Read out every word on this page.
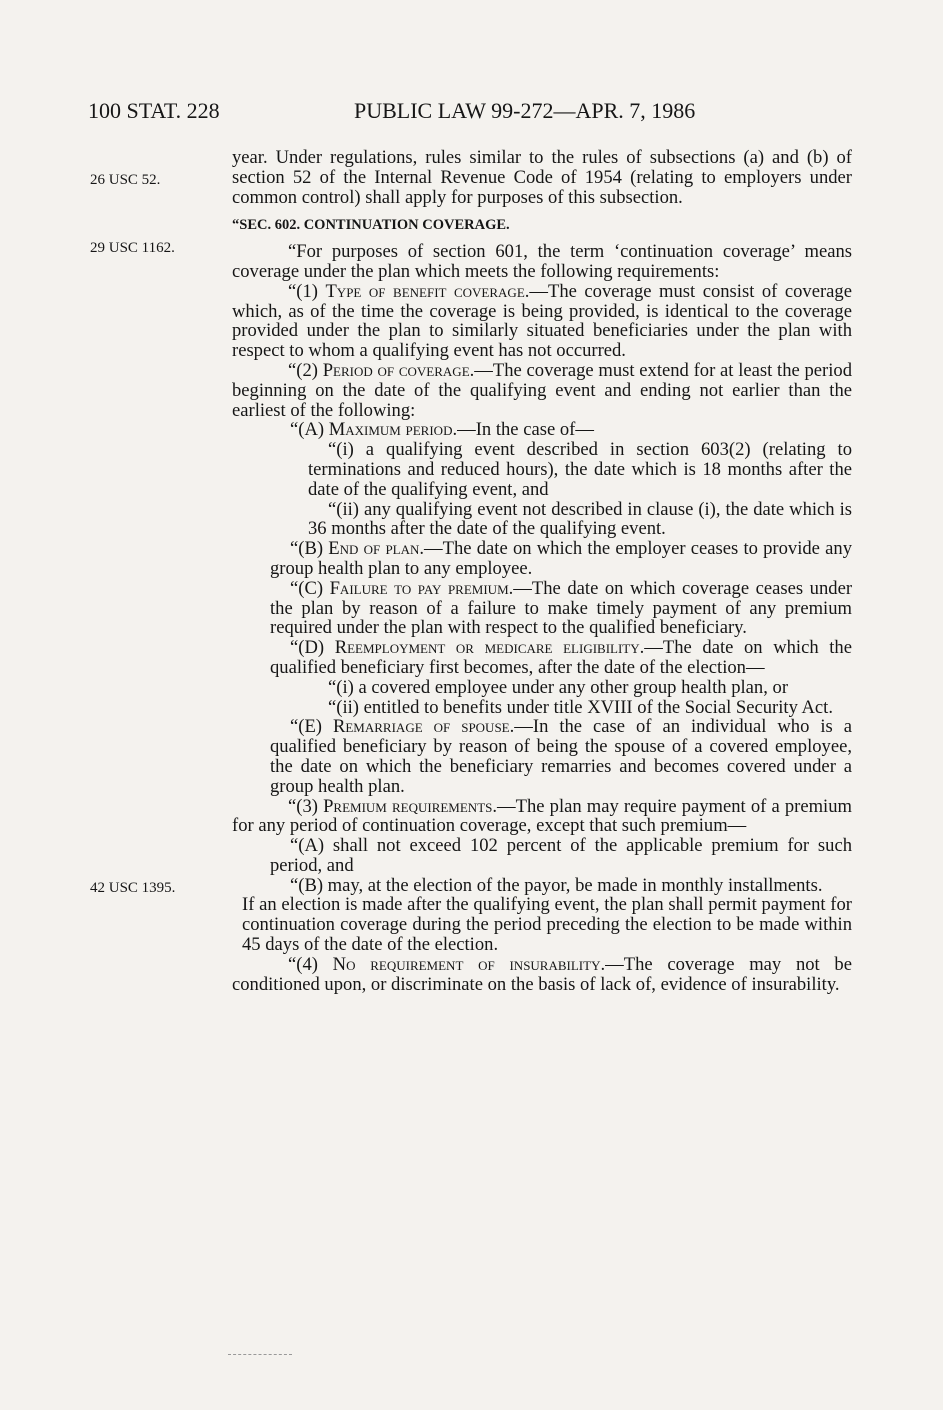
100 STAT. 228	PUBLIC LAW 99-272—APR. 7, 1986
26 USC 52.
29 USC 1162.
42 USC 1395.
year. Under regulations, rules similar to the rules of subsections (a) and (b) of section 52 of the Internal Revenue Code of 1954 (relating to employers under common control) shall apply for purposes of this subsection.
“SEC. 602. CONTINUATION COVERAGE.
“For purposes of section 601, the term ‘continuation coverage’ means coverage under the plan which meets the following requirements:
“(1) Type of benefit coverage.—The coverage must consist of coverage which, as of the time the coverage is being provided, is identical to the coverage provided under the plan to similarly situated beneficiaries under the plan with respect to whom a qualifying event has not occurred.
“(2) Period of coverage.—The coverage must extend for at least the period beginning on the date of the qualifying event and ending not earlier than the earliest of the following:
“(A) Maximum period.—In the case of—
“(i) a qualifying event described in section 603(2) (relating to terminations and reduced hours), the date which is 18 months after the date of the qualifying event, and
“(ii) any qualifying event not described in clause (i), the date which is 36 months after the date of the qualifying event.
“(B) End of plan.—The date on which the employer ceases to provide any group health plan to any employee.
“(C) Failure to pay premium.—The date on which coverage ceases under the plan by reason of a failure to make timely payment of any premium required under the plan with respect to the qualified beneficiary.
“(D) Reemployment or medicare eligibility.—The date on which the qualified beneficiary first becomes, after the date of the election—
“(i) a covered employee under any other group health plan, or
“(ii) entitled to benefits under title XVIII of the Social Security Act.
“(E) Remarriage of spouse.—In the case of an individual who is a qualified beneficiary by reason of being the spouse of a covered employee, the date on which the beneficiary remarries and becomes covered under a group health plan.
“(3) Premium requirements.—The plan may require payment of a premium for any period of continuation coverage, except that such premium—
“(A) shall not exceed 102 percent of the applicable premium for such period, and
“(B) may, at the election of the payor, be made in monthly installments.
If an election is made after the qualifying event, the plan shall permit payment for continuation coverage during the period preceding the election to be made within 45 days of the date of the election.
“(4) No requirement of insurability.—The coverage may not be conditioned upon, or discriminate on the basis of lack of, evidence of insurability.
